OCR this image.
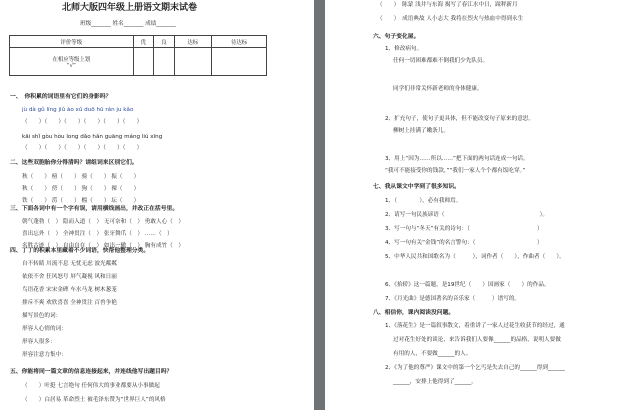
北师大版四年级上册语文期末试卷
班级_______ 姓名_______ 成绩_______
评价等级	优	良	达标	待达标

在相应等级上划
“√”				

一、　你积累的词语里有它们的身影吗？
jù dà gǔ líng jiǔ ào xǔ duō hū rán ju kǎo
（　　）（　　）（　　）（　　）（　　）（　　）
kāi shǐ gòu hòu long dǎo hǎn guāng máng liú xīng
（　　）（　　）（　　）（　　）（　　）（　　）
二、这些双胞胎你分得清吗？请组词来区别它们。
秋（　　） 榜（　　） 骑（　　） 振（　　）
秋（　　） 傍（　　） 狗（　　） 裸（　　）
铁（　　） 涝（　　） 榴（　　） 坛（　　）
三、下面各词中有一个字有误，请用横线画出，并改正在括号里。
朝气蓬勃（　） 隐而入道（　） 无可奈和（　） 勇敢人心（　）
喜出忘外（　） 全神贯注（　） 张牙舞爪（　） ……（　）
名胜古迹（　） 自由自在（　） 如出一辙（　） 胸有成竹（　）
四、丁丁的积累本里藏着不少词语，快帮他整理分类。
自不转睛 川流不息 无忧无虑 波光粼粼
依依不舍 狂风怒号 屏气凝视 风和日丽
鸟语花香 宋宋金碑 车水马龙 树木葱茏
排斥不爽 欢欣喜喜 全神贯注 百兽争艳
描写景色的词：
形容人心情的词：
形容人很多：
形容注意力集中：
五、你能将同一篇文章的信息连接起来，并连线他写出题目吗？
（　　）叶挺 七言绝句 任何伟大的事业都要从小事做起
（　　）白居易 革命烈士 被毛泽东赞为“世界巨人”的风格
（　　）　陈蒙 浅井与东海 揭写了春江水中日，踩秤新月
（　　）　成语典故 人小志大 我将在烈火与热血中得到永生
六、句子变化屋。
1、修改病句。
任何一切困难都难不倒我们少先队员。
同学们非常关怀新老师的身体健康。
2、扩充句子，使句子更具体，但不能改变句子原来的意思。
柳树上挂满了嫩条儿。
3、用上“因为……所以……”把下面的两句话连成一句话。
“我可不能接受你的钱款，”“我们一家人个个都有饭吃穿。”
七、我从课文中学到了很多知识。
1、（　　　　），必有我师焉。
2、请写一句民族谚语（　　　　　　　　　　　　　　　　　）。
3、写一句与“冬天”有关的诗句：（　　　　　　　　　　　　）
4、写一句有关“金钱”的名言警句：（　　　　　　　　　　　）
5、中华人民共和国歌名为（　　　），词作者（　　），作曲者（　　）。
6、《抬轿》这一篇题，是19世纪（　　）国画家（　　）的作品。
7、《月光曲》是德国著名的音乐家（　　　）谱写的。
八、相信你，课内阅读没问题。
1、《落花生》是一篇叙事散文，着重讲了一家人过花生收获节的经过，通
过对花生好处的谈论，来告诉我们人要像______的品格，说明人要做
有用的人，不要做______的人。
2、《为了他的尊严》课文中的第一个乞丐是失去自己的______得到______
______，安排上他得到了______。
